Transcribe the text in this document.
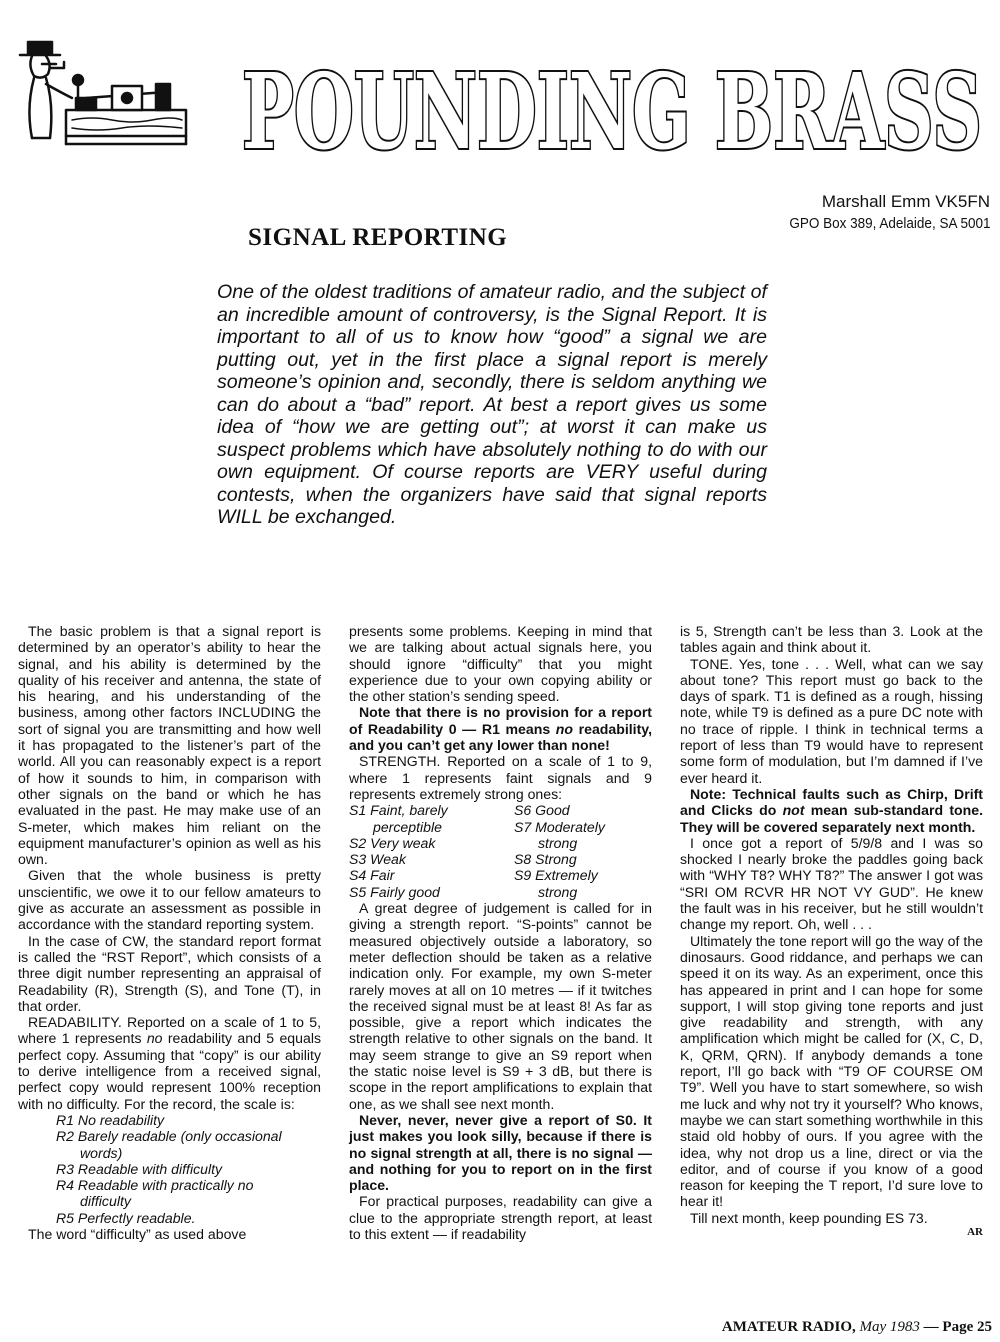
POUNDING BRASS
Marshall Emm VK5FN
GPO Box 389, Adelaide, SA 5001
SIGNAL REPORTING

One of the oldest traditions of amateur radio, and the subject of an incredible amount of controversy, is the Signal Report. It is important to all of us to know how “good” a signal we are putting out, yet in the first place a signal report is merely someone’s opinion and, secondly, there is seldom anything we can do about a “bad” report. At best a report gives us some idea of “how we are getting out”; at worst it can make us suspect problems which have absolutely nothing to do with our own equipment. Of course reports are VERY useful during contests, when the organizers have said that signal reports WILL be exchanged.

The basic problem is that a signal report is determined by an operator’s ability to hear the signal, and his ability is determined by the quality of his receiver and antenna, the state of his hearing, and his understanding of the business, among other factors INCLUDING the sort of signal you are transmitting and how well it has propagated to the listener’s part of the world. All you can reasonably expect is a report of how it sounds to him, in comparison with other signals on the band or which he has evaluated in the past. He may make use of an S-meter, which makes him reliant on the equipment manufacturer’s opinion as well as his own.

Given that the whole business is pretty unscientific, we owe it to our fellow amateurs to give as accurate an assessment as possible in accordance with the standard reporting system.

In the case of CW, the standard report format is called the “RST Report”, which consists of a three digit number representing an appraisal of Readability (R), Strength (S), and Tone (T), in that order.

READABILITY. Reported on a scale of 1 to 5, where 1 represents no readability and 5 equals perfect copy. Assuming that “copy” is our ability to derive intelligence from a received signal, perfect copy would represent 100% reception with no difficulty. For the record, the scale is:

R1 No readability
R2 Barely readable (only occasional
words)
R3 Readable with difficulty
R4 Readable with practically no
difficulty
R5 Perfectly readable.

The word “difficulty” as used above

presents some problems. Keeping in mind that we are talking about actual signals here, you should ignore “difficulty” that you might experience due to your own copying ability or the other station’s sending speed.

Note that there is no provision for a report of Readability 0 — R1 means no readability, and you can’t get any lower than none!

STRENGTH. Reported on a scale of 1 to 9, where 1 represents faint signals and 9 represents extremely strong ones:

S1 Faint, barely
perceptible
S2 Very weak
S3 Weak
S4 Fair
S5 Fairly good
S6 Good
S7 Moderately
strong
S8 Strong
S9 Extremely
strong

A great degree of judgement is called for in giving a strength report. “S-points” cannot be measured objectively outside a laboratory, so meter deflection should be taken as a relative indication only. For example, my own S-meter rarely moves at all on 10 metres — if it twitches the received signal must be at least 8! As far as possible, give a report which indicates the strength relative to other signals on the band. It may seem strange to give an S9 report when the static noise level is S9 + 3 dB, but there is scope in the report amplifications to explain that one, as we shall see next month.

Never, never, never give a report of S0. It just makes you look silly, because if there is no signal strength at all, there is no signal — and nothing for you to report on in the first place.

For practical purposes, readability can give a clue to the appropriate strength report, at least to this extent — if readability

is 5, Strength can’t be less than 3. Look at the tables again and think about it.

TONE. Yes, tone . . . Well, what can we say about tone? This report must go back to the days of spark. T1 is defined as a rough, hissing note, while T9 is defined as a pure DC note with no trace of ripple. I think in technical terms a report of less than T9 would have to represent some form of modulation, but I’m damned if I’ve ever heard it.

Note: Technical faults such as Chirp, Drift and Clicks do not mean sub-standard tone. They will be covered separately next month.

I once got a report of 5/9/8 and I was so shocked I nearly broke the paddles going back with “WHY T8? WHY T8?” The answer I got was “SRI OM RCVR HR NOT VY GUD”. He knew the fault was in his receiver, but he still wouldn’t change my report. Oh, well . . .

Ultimately the tone report will go the way of the dinosaurs. Good riddance, and perhaps we can speed it on its way. As an experiment, once this has appeared in print and I can hope for some support, I will stop giving tone reports and just give readability and strength, with any amplification which might be called for (X, C, D, K, QRM, QRN). If anybody demands a tone report, I’ll go back with “T9 OF COURSE OM T9”. Well you have to start somewhere, so wish me luck and why not try it yourself? Who knows, maybe we can start something worthwhile in this staid old hobby of ours. If you agree with the idea, why not drop us a line, direct or via the editor, and of course if you know of a good reason for keeping the T report, I’d sure love to hear it!

Till next month, keep pounding ES 73.

AR
AMATEUR RADIO, May 1983 — Page 25
